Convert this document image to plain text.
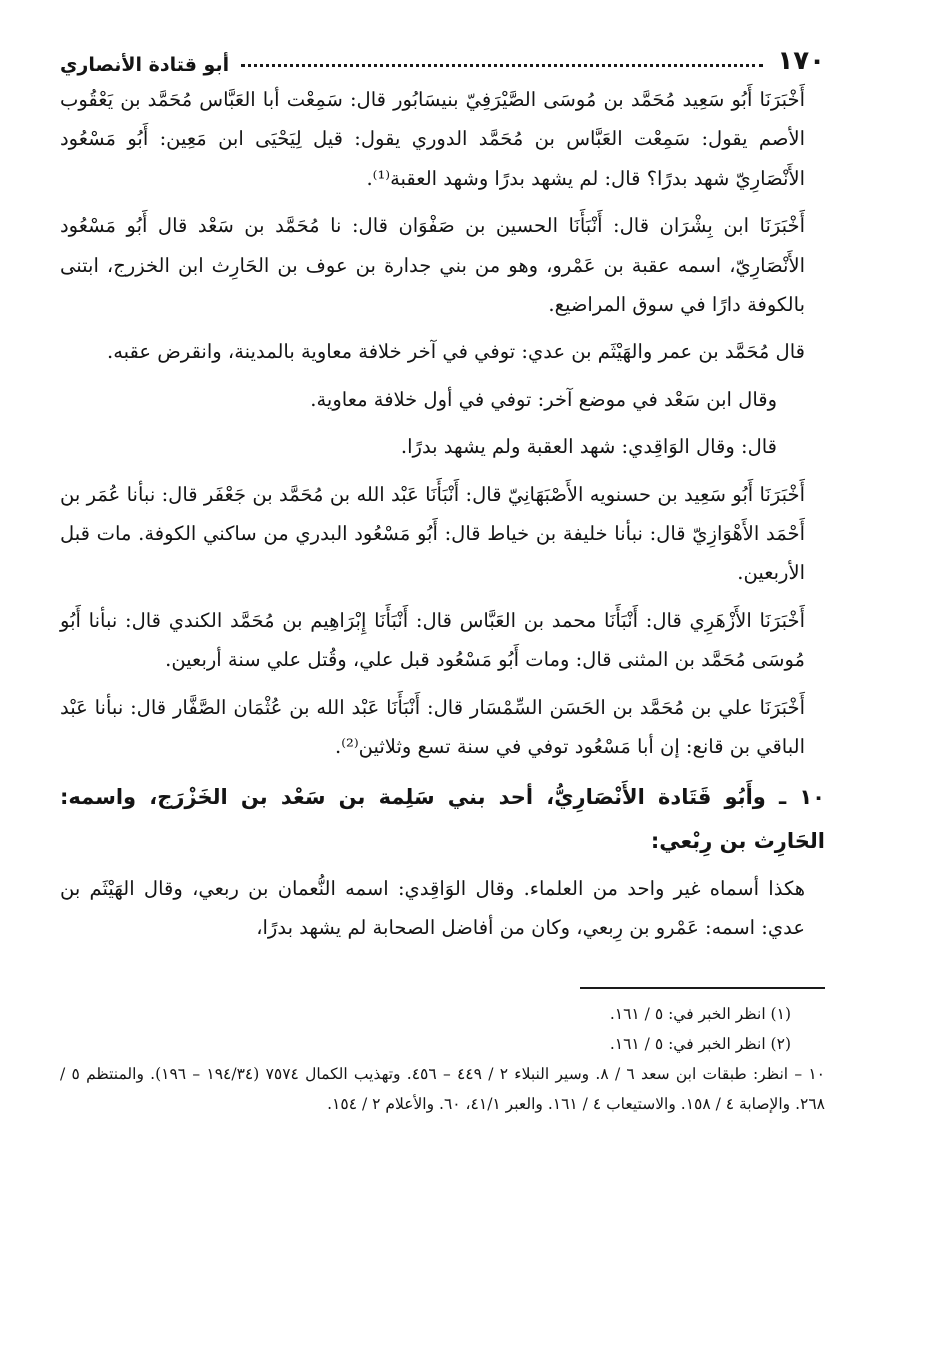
١٧٠
أبو قتادة الأنصاري

أَخْبَرَنَا أَبُو سَعِيد مُحَمَّد بن مُوسَى الصَّيْرَفِيّ بنيسَابُور قال: سَمِعْت أبا العَبَّاس مُحَمَّد بن يَعْقُوب الأصم يقول: سَمِعْت العَبَّاس بن مُحَمَّد الدوري يقول: قيل لِيَحْيَى ابن مَعِين: أَبُو مَسْعُود الأَنْصَارِيّ شهد بدرًا؟ قال: لم يشهد بدرًا وشهد العقبة⁽¹⁾.

أَخْبَرَنَا ابن بِشْرَان قال: أَنْبَأَنَا الحسين بن صَفْوَان قال: نا مُحَمَّد بن سَعْد قال أَبُو مَسْعُود الأَنْصَارِيّ، اسمه عقبة بن عَمْرو، وهو من بني جدارة بن عوف بن الحَارِث ابن الخزرج، ابتنى بالكوفة دارًا في سوق المراضيع.

قال مُحَمَّد بن عمر والهَيْثَم بن عدي: توفي في آخر خلافة معاوية بالمدينة، وانقرض عقبه.

وقال ابن سَعْد في موضع آخر: توفي في أول خلافة معاوية.

قال: وقال الوَاقِدي: شهد العقبة ولم يشهد بدرًا.

أَخْبَرَنَا أَبُو سَعِيد بن حسنويه الأَصْبَهَانِيّ قال: أَنْبَأَنَا عَبْد الله بن مُحَمَّد بن جَعْفَر قال: نبأنا عُمَر بن أَحْمَد الأَهْوَازِيّ قال: نبأنا خليفة بن خياط قال: أَبُو مَسْعُود البدري من ساكني الكوفة. مات قبل الأربعين.

أَخْبَرَنَا الأَزْهَرِي قال: أَنْبَأَنَا محمد بن العَبَّاس قال: أَنْبَأَنَا إِبْرَاهِيم بن مُحَمَّد الكندي قال: نبأنا أَبُو مُوسَى مُحَمَّد بن المثنى قال: ومات أَبُو مَسْعُود قبل علي، وقُتل علي سنة أربعين.

أَخْبَرَنَا علي بن مُحَمَّد بن الحَسَن السِّمْسَار قال: أَنْبَأَنَا عَبْد الله بن عُثْمَان الصَّفَّار قال: نبأنا عَبْد الباقي بن قانع: إن أبا مَسْعُود توفي في سنة تسع وثلاثين⁽²⁾.

١٠ ـ وأَبُو قَتَادة الأَنْصَارِيُّ، أحد بني سَلِمة بن سَعْد بن الخَزْرَج، واسمه: الحَارِث بن رِبْعي:

هكذا أسماه غير واحد من العلماء. وقال الوَاقِدي: اسمه النُّعمان بن ربعي، وقال الهَيْثَم بن عدي: اسمه: عَمْرو بن رِبعي، وكان من أفاضل الصحابة لم يشهد بدرًا،

(١) انظر الخبر في: ٥ / ١٦١.

(٢) انظر الخبر في: ٥ / ١٦١.

١٠ – انظر: طبقات ابن سعد ٦ / ٨. وسير النبلاء ٢ / ٤٤٩ – ٤٥٦. وتهذيب الكمال ٧٥٧٤ (١٩٤/٣٤ – ١٩٦). والمنتظم ٥ / ٢٦٨. والإصابة ٤ / ١٥٨. والاستيعاب ٤ / ١٦١. والعبر ٤١/١، ٦٠. والأعلام ٢ / ١٥٤.
